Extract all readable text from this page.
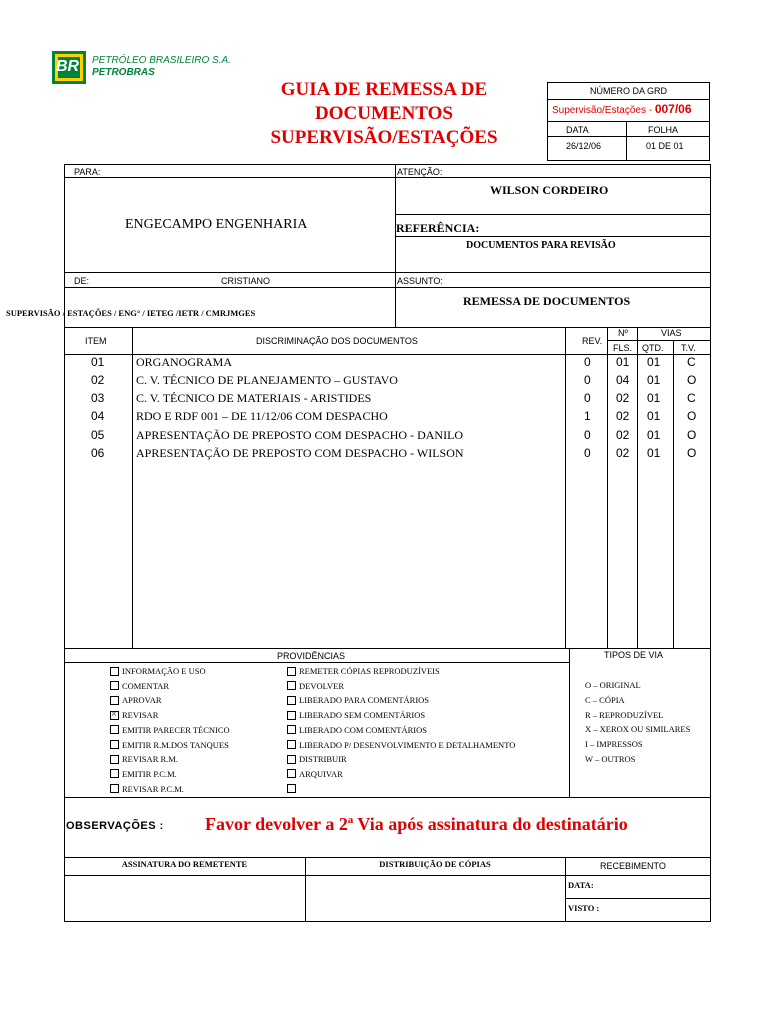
BR PETRÓLEO BRASILEIRO S.A.
PETROBRAS
GUIA DE REMESSA DE
DOCUMENTOS
SUPERVISÃO/ESTAÇÕES
NÚMERO DA GRD
Supervisão/Estações - 007/06
DATA	FOLHA
26/12/06	01 DE 01
PARA:	ATENÇÃO:
WILSON CORDEIRO
ENGECAMPO ENGENHARIA	REFERÊNCIA:
DOCUMENTOS PARA REVISÃO
DE:	CRISTIANO	ASSUNTO:
SUPERVISÃO / ESTAÇÕES / ENG° / IETEG /IETR / CMRJMGES
REMESSA DE DOCUMENTOS
ITEM	DISCRIMINAÇÃO DOS DOCUMENTOS	REV.
Nº
FLS.
VIAS
QTD. T.V.
01	ORGANOGRAMA	0 01 01 C
02	C. V. TÉCNICO DE PLANEJAMENTO – GUSTAVO	0 04 01 O
03	C. V. TÉCNICO DE MATERIAIS - ARISTIDES	0 02 01 C
04	RDO E RDF 001 – DE 11/12/06 COM DESPACHO	1 02 01 O
05	APRESENTAÇÃO DE PREPOSTO COM DESPACHO - DANILO	0 02 01 O
06	APRESENTAÇÃO DE PREPOSTO COM DESPACHO - WILSON	0 02 01 O
PROVIDÊNCIAS	TIPOS DE VIA
INFORMAÇÃO E USO
COMENTAR
APROVAR
×
REVISAR
EMITIR PARECER TÉCNICO
EMITIR R.M.DOS TANQUES
REVISAR R.M.
EMITIR P.C.M.
REVISAR P.C.M.
REMETER CÓPIAS REPRODUZÍVEIS
DEVOLVER
LIBERADO PARA COMENTÁRIOS
LIBERADO SEM COMENTÁRIOS
LIBERADO COM COMENTÁRIOS
LIBERADO P/ DESENVOLVIMENTO E DETALHAMENTO
DISTRIBUIR
ARQUIVAR
O – ORIGINAL
C – CÓPIA
R – REPRODUZÍVEL
X – XEROX OU SIMILARES
I – IMPRESSOS
W – OUTROS
OBSERVAÇÕES : Favor devolver a 2ª Via após assinatura do destinatário
ASSINATURA DO REMETENTE	DISTRIBUIÇÃO DE CÓPIAS	RECEBIMENTO
DATA:
VISTO :
